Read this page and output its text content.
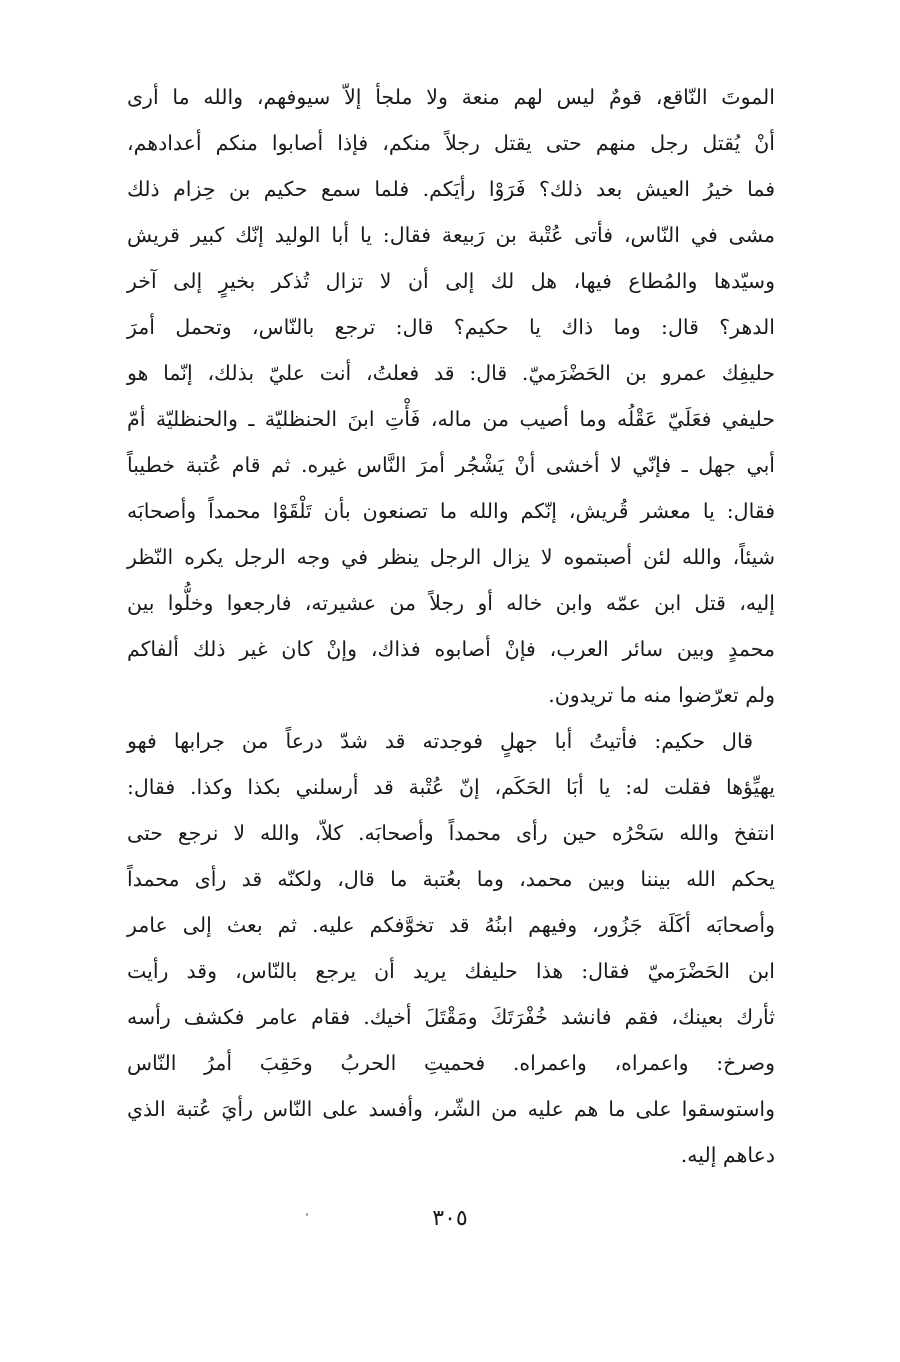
الموتَ النّاقع، قومٌ ليس لهم منعة ولا ملجأ إلاّ سيوفهم، والله ما أرى
أنْ يُقتل رجل منهم حتى يقتل رجلاً منكم، فإذا أصابوا منكم أعدادهم،
فما خيرُ العيش بعد ذلك؟ فَرَوْا رأيَكم. فلما سمع حكيم بن حِزام ذلك
مشى في النّاس، فأتى عُتْبة بن رَبيعة فقال: يا أبا الوليد إنّك كبير قريش
وسيّدها والمُطاع فيها، هل لك إلى أن لا تزال تُذكر بخيرٍ إلى آخر
الدهر؟ قال: وما ذاك يا حكيم؟ قال: ترجع بالنّاس، وتحمل أمرَ
حليفِك عمرو بن الحَضْرَميّ. قال: قد فعلتُ، أنت عليّ بذلك، إنّما هو
حليفي فعَلَيّ عَقْلُه وما أصيب من ماله، فَأْتِ ابنَ الحنظليّة ـ والحنظليّة أمّ
أبي جهل ـ فإنّي لا أخشى أنْ يَشْجُر أمرَ النَّاس غيره. ثم قام عُتبة خطيباً
فقال: يا معشر قُريش، إنّكم والله ما تصنعون بأن تَلْقَوْا محمداً وأصحابَه
شيئاً، والله لئن أصبتموه لا يزال الرجل ينظر في وجه الرجل يكره النّظر
إليه، قتل ابن عمّه وابن خاله أو رجلاً من عشيرته، فارجعوا وخلُّوا بين
محمدٍ وبين سائر العرب، فإنْ أصابوه فذاك، وإنْ كان غير ذلك ألفاكم
ولم تعرّضوا منه ما تريدون.
قال حكيم: فأتيتُ أبا جهلٍ فوجدته قد شدّ درعاً من جرابها فهو
يهيِّؤها فقلت له: يا أبَا الحَكَم، إنّ عُتْبة قد أرسلني بكذا وكذا. فقال:
انتفخ والله سَحْرُه حين رأى محمداً وأصحابَه. كلاّ، والله لا نرجع حتى
يحكم الله بيننا وبين محمد، وما بعُتبة ما قال، ولكنّه قد رأى محمداً
وأصحابَه أكَلَة جَزُور، وفيهم ابنُهُ قد تخوَّفكم عليه. ثم بعث إلى عامر
ابن الحَضْرَميّ فقال: هذا حليفك يريد أن يرجع بالنّاس، وقد رأيت
ثأرك بعينك، فقم فانشد خُفْرَتَكَ ومَقْتَلَ أخيك. فقام عامر فكشف رأسه
وصرخ: واعمراه، واعمراه. فحميتِ الحربُ وحَقِبَ أمرُ النّاس
واستوسقوا على ما هم عليه من الشّر، وأفسد على النّاس رأيَ عُتبة الذي
دعاهم إليه.
٣٠٥
